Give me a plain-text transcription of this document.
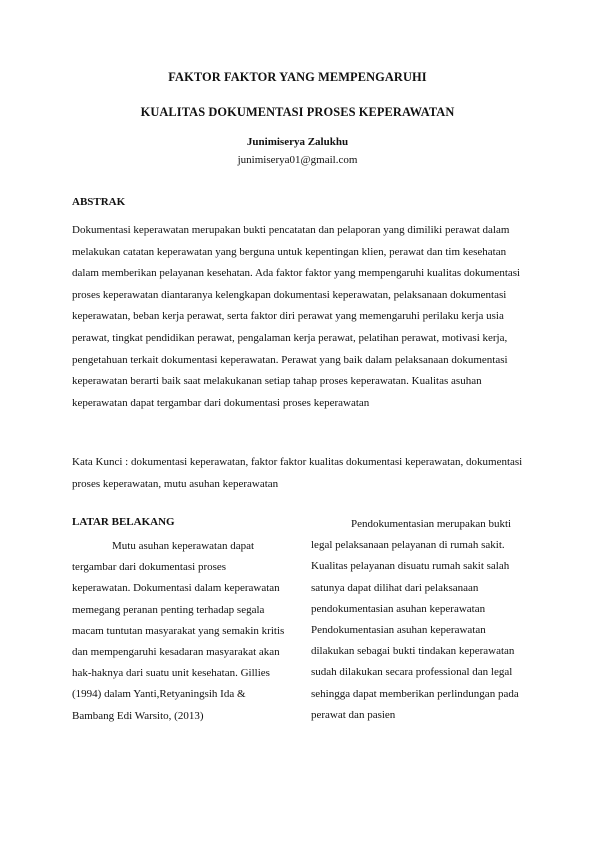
FAKTOR FAKTOR YANG MEMPENGARUHI
KUALITAS DOKUMENTASI PROSES KEPERAWATAN
Junimiserya Zalukhu
junimiserya01@gmail.com
ABSTRAK

Dokumentasi keperawatan merupakan bukti pencatatan dan pelaporan yang dimiliki perawat dalam melakukan catatan keperawatan yang berguna untuk kepentingan klien, perawat dan tim kesehatan dalam memberikan pelayanan kesehatan. Ada faktor faktor yang mempengaruhi kualitas dokumentasi proses keperawatan diantaranya kelengkapan dokumentasi keperawatan, pelaksanaan dokumentasi keperawatan, beban kerja perawat, serta faktor diri perawat yang memengaruhi perilaku kerja usia perawat, tingkat pendidikan perawat, pengalaman kerja perawat, pelatihan perawat, motivasi kerja, pengetahuan terkait dokumentasi keperawatan. Perawat yang baik dalam pelaksanaan dokumentasi keperawatan berarti baik saat melakukanan setiap tahap proses keperawatan. Kualitas asuhan keperawatan dapat tergambar dari dokumentasi proses keperawatan

Kata Kunci : dokumentasi keperawatan, faktor faktor kualitas dokumentasi keperawatan, dokumentasi proses keperawatan, mutu asuhan keperawatan

LATAR BELAKANG

Mutu asuhan keperawatan dapat tergambar dari dokumentasi proses keperawatan. Dokumentasi dalam keperawatan memegang peranan penting terhadap segala macam tuntutan masyarakat yang semakin kritis dan mempengaruhi kesadaran masyarakat akan hak-haknya dari suatu unit kesehatan. Gillies (1994) dalam Yanti,Retyaningsih Ida & Bambang Edi Warsito, (2013)

Pendokumentasian merupakan bukti legal pelaksanaan pelayanan di rumah sakit. Kualitas pelayanan disuatu rumah sakit salah satunya dapat dilihat dari pelaksanaan pendokumentasian asuhan keperawatan Pendokumentasian asuhan keperawatan dilakukan sebagai bukti tindakan keperawatan sudah dilakukan secara professional dan legal sehingga dapat memberikan perlindungan pada perawat dan pasien
